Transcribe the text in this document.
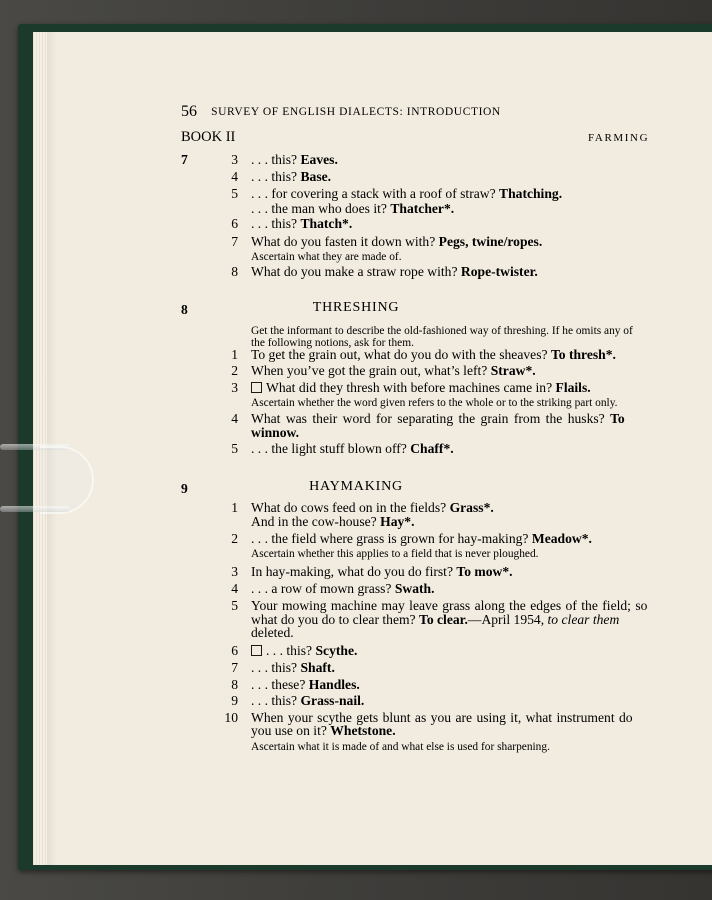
56	SURVEY OF ENGLISH DIALECTS: INTRODUCTION
BOOK II	FARMING
7	3 . . . this? Eaves.
4 . . . this? Base.
5 . . . for covering a stack with a roof of straw? Thatching.
. . . the man who does it? Thatcher*.
6 . . . this? Thatch*.
7 What do you fasten it down with? Pegs, twine/ropes.
Ascertain what they are made of.
8 What do you make a straw rope with? Rope-twister.
8	THRESHING
Get the informant to describe the old-fashioned way of threshing. If he omits any of
the following notions, ask for them.
1 To get the grain out, what do you do with the sheaves? To thresh*.
2 When you’ve got the grain out, what’s left? Straw*.
3	What did they thresh with before machines came in? Flails.
Ascertain whether the word given refers to the whole or to the striking part only.
4 What was their word for separating the grain from the husks? To
winnow.
5 . . . the light stuff blown off? Chaff*.
9	HAYMAKING
1 What do cows feed on in the fields? Grass*.
And in the cow-house? Hay*.
2 . . . the field where grass is grown for hay-making? Meadow*.
Ascertain whether this applies to a field that is never ploughed.
3 In hay-making, what do you do first? To mow*.
4 . . . a row of mown grass? Swath.
5 Your mowing machine may leave grass along the edges of the field; so
what do you do to clear them? To clear.—April 1954, to clear them
deleted.
6	. . . this? Scythe.
7 . . . this? Shaft.
8 . . . these? Handles.
9 . . . this? Grass-nail.
10 When your scythe gets blunt as you are using it, what instrument do
you use on it? Whetstone.
Ascertain what it is made of and what else is used for sharpening.
